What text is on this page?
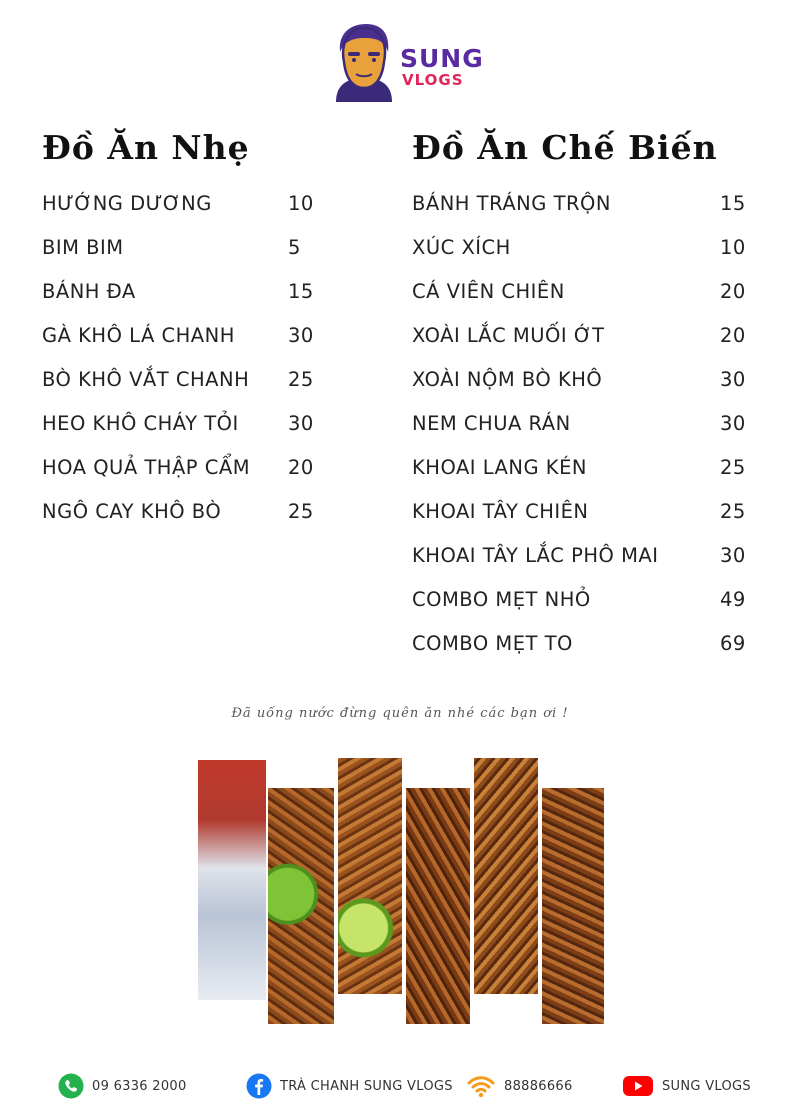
SUNG
VLOGS
Đồ Ăn Nhẹ
HƯỚNG DƯƠNG	10
BIM BIM	5
BÁNH ĐA	15
GÀ KHÔ LÁ CHANH	30
BÒ KHÔ VẮT CHANH 25
HEO KHÔ CHÁY TỎI	30
HOA QUẢ THẬP CẨM 20
NGÔ CAY KHÔ BÒ	25
Đồ Ăn Chế Biến
BÁNH TRÁNG TRỘN	15
XÚC XÍCH	10
CÁ VIÊN CHIÊN	20
XOÀI LẮC MUỐI ỚT	20
XOÀI NỘM BÒ KHÔ	30
NEM CHUA RÁN	30
KHOAI LANG KÉN	25
KHOAI TÂY CHIÊN	25
KHOAI TÂY LẮC PHÔ MAI	30
COMBO MẸT NHỎ	49
COMBO MẸT TO	69
Đã uống nước đừng quên ăn nhé các bạn ơi !
09 6336 2000	TRÀ CHANH SUNG VLOGS	88886666	SUNG VLOGS
